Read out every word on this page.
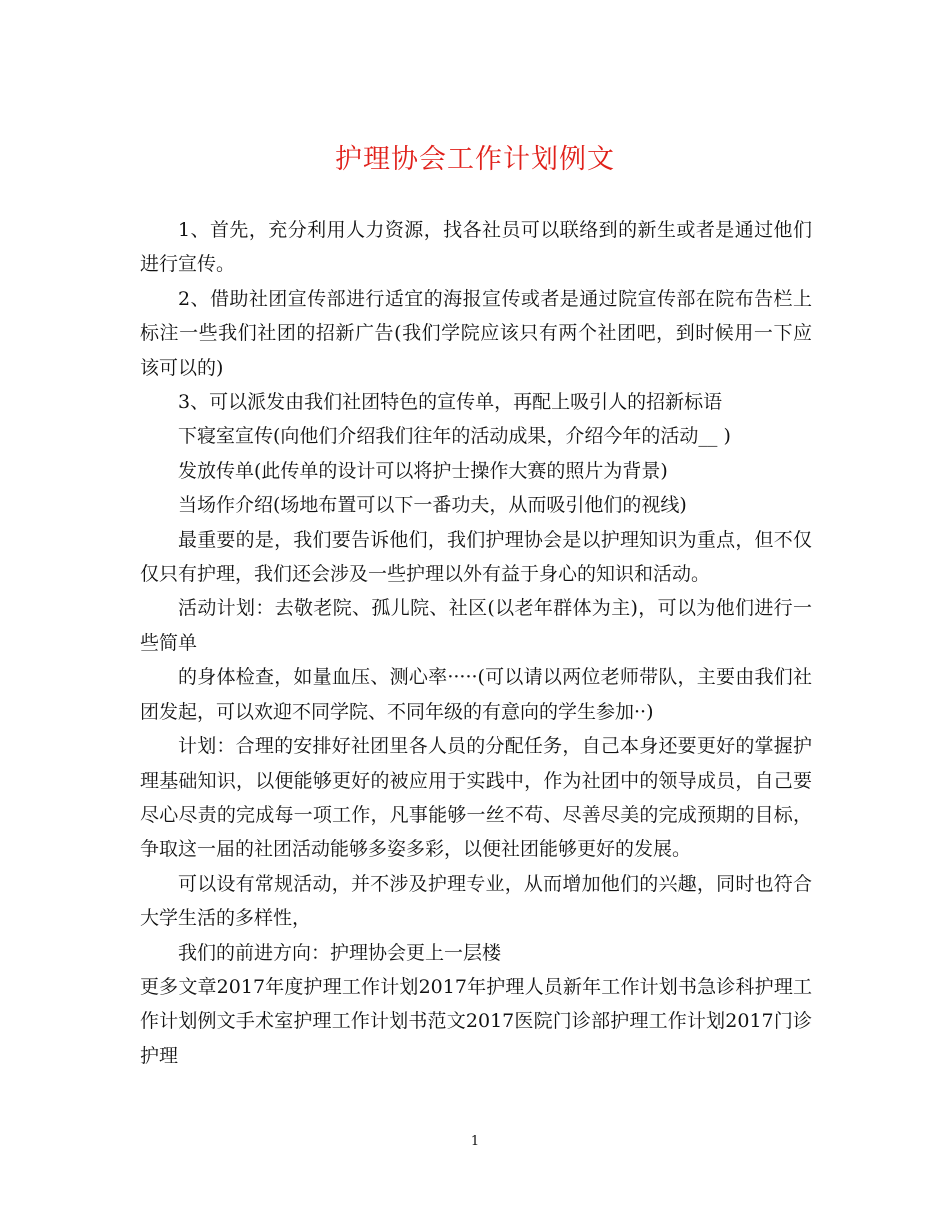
护理协会工作计划例文

1、首先，充分利用人力资源，找各社员可以联络到的新生或者是通过他们进行宣传。

2、借助社团宣传部进行适宜的海报宣传或者是通过院宣传部在院布告栏上标注一些我们社团的招新广告(我们学院应该只有两个社团吧，到时候用一下应该可以的)

3、可以派发由我们社团特色的宣传单，再配上吸引人的招新标语

下寝室宣传(向他们介绍我们往年的活动成果，介绍今年的活动__ )

发放传单(此传单的设计可以将护士操作大赛的照片为背景)

当场作介绍(场地布置可以下一番功夫，从而吸引他们的视线)

最重要的是，我们要告诉他们，我们护理协会是以护理知识为重点，但不仅仅只有护理，我们还会涉及一些护理以外有益于身心的知识和活动。

活动计划：去敬老院、孤儿院、社区(以老年群体为主)，可以为他们进行一些简单

的身体检查，如量血压、测心率·····(可以请以两位老师带队，主要由我们社团发起，可以欢迎不同学院、不同年级的有意向的学生参加··)

计划：合理的安排好社团里各人员的分配任务，自己本身还要更好的掌握护理基础知识，以便能够更好的被应用于实践中，作为社团中的领导成员，自己要尽心尽责的完成每一项工作，凡事能够一丝不苟、尽善尽美的完成预期的目标，争取这一届的社团活动能够多姿多彩，以便社团能够更好的发展。

可以设有常规活动，并不涉及护理专业，从而增加他们的兴趣，同时也符合大学生活的多样性，

我们的前进方向：护理协会更上一层楼

更多文章2017年度护理工作计划2017年护理人员新年工作计划书急诊科护理工作计划例文手术室护理工作计划书范文2017医院门诊部护理工作计划2017门诊护理

1
